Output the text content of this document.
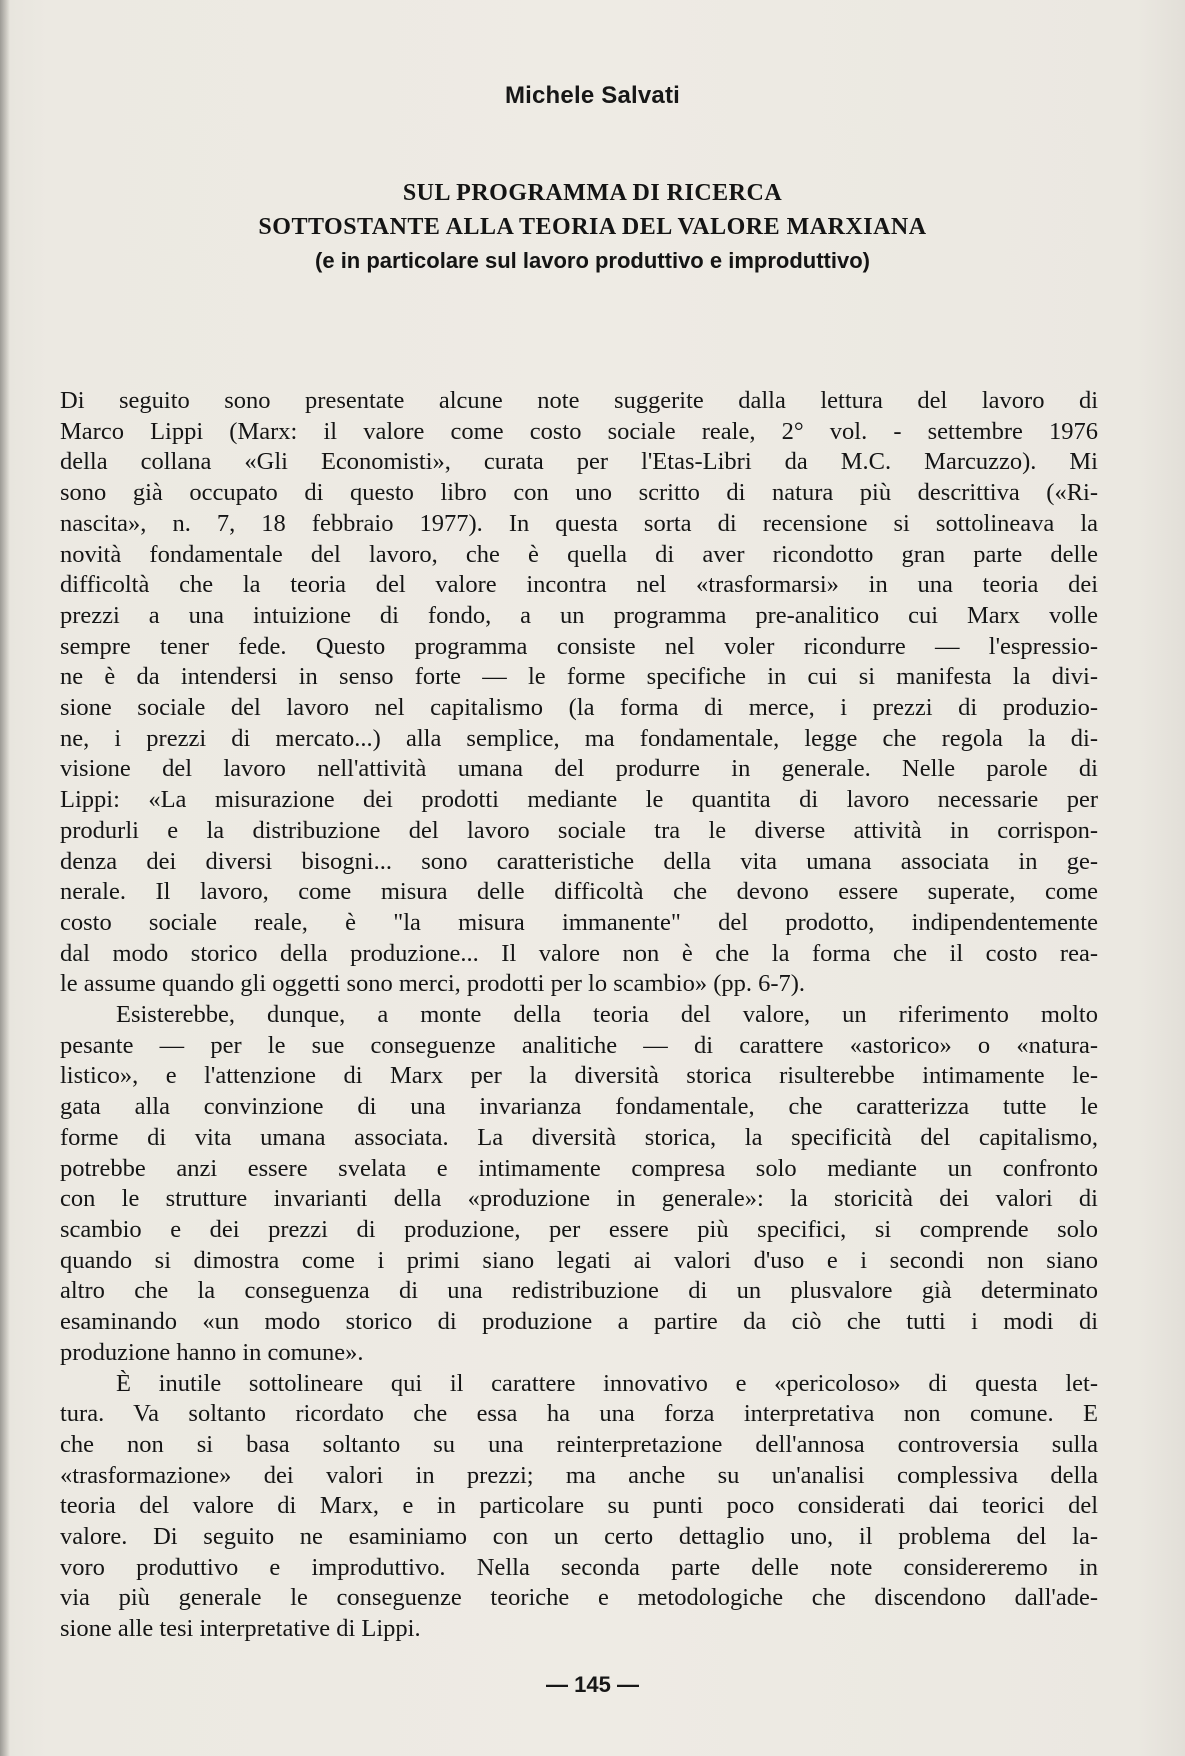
Michele Salvati
SUL PROGRAMMA DI RICERCA
SOTTOSTANTE ALLA TEORIA DEL VALORE MARXIANA
(e in particolare sul lavoro produttivo e improduttivo)

Di seguito sono presentate alcune note suggerite dalla lettura del lavoro di

Marco Lippi (Marx: il valore come costo sociale reale, 2° vol. - settembre 1976

della collana «Gli Economisti», curata per l'Etas-Libri da M.C. Marcuzzo). Mi

sono già occupato di questo libro con uno scritto di natura più descrittiva («Ri-

nascita», n. 7, 18 febbraio 1977). In questa sorta di recensione si sottolineava la

novità fondamentale del lavoro, che è quella di aver ricondotto gran parte delle

difficoltà che la teoria del valore incontra nel «trasformarsi» in una teoria dei

prezzi a una intuizione di fondo, a un programma pre-analitico cui Marx volle

sempre tener fede. Questo programma consiste nel voler ricondurre — l'espressio-

ne è da intendersi in senso forte — le forme specifiche in cui si manifesta la divi-

sione sociale del lavoro nel capitalismo (la forma di merce, i prezzi di produzio-

ne, i prezzi di mercato...) alla semplice, ma fondamentale, legge che regola la di-

visione del lavoro nell'attività umana del produrre in generale. Nelle parole di

Lippi: «La misurazione dei prodotti mediante le quantita di lavoro necessarie per

produrli e la distribuzione del lavoro sociale tra le diverse attività in corrispon-

denza dei diversi bisogni... sono caratteristiche della vita umana associata in ge-

nerale. Il lavoro, come misura delle difficoltà che devono essere superate, come

costo sociale reale, è "la misura immanente" del prodotto, indipendentemente

dal modo storico della produzione... Il valore non è che la forma che il costo rea-

le assume quando gli oggetti sono merci, prodotti per lo scambio» (pp. 6-7).

Esisterebbe, dunque, a monte della teoria del valore, un riferimento molto

pesante — per le sue conseguenze analitiche — di carattere «astorico» o «natura-

listico», e l'attenzione di Marx per la diversità storica risulterebbe intimamente le-

gata alla convinzione di una invarianza fondamentale, che caratterizza tutte le

forme di vita umana associata. La diversità storica, la specificità del capitalismo,

potrebbe anzi essere svelata e intimamente compresa solo mediante un confronto

con le strutture invarianti della «produzione in generale»: la storicità dei valori di

scambio e dei prezzi di produzione, per essere più specifici, si comprende solo

quando si dimostra come i primi siano legati ai valori d'uso e i secondi non siano

altro che la conseguenza di una redistribuzione di un plusvalore già determinato

esaminando «un modo storico di produzione a partire da ciò che tutti i modi di

produzione hanno in comune».

È inutile sottolineare qui il carattere innovativo e «pericoloso» di questa let-

tura. Va soltanto ricordato che essa ha una forza interpretativa non comune. E

che non si basa soltanto su una reinterpretazione dell'annosa controversia sulla

«trasformazione» dei valori in prezzi; ma anche su un'analisi complessiva della

teoria del valore di Marx, e in particolare su punti poco considerati dai teorici del

valore. Di seguito ne esaminiamo con un certo dettaglio uno, il problema del la-

voro produttivo e improduttivo. Nella seconda parte delle note considereremo in

via più generale le conseguenze teoriche e metodologiche che discendono dall'ade-

sione alle tesi interpretative di Lippi.

— 145 —
